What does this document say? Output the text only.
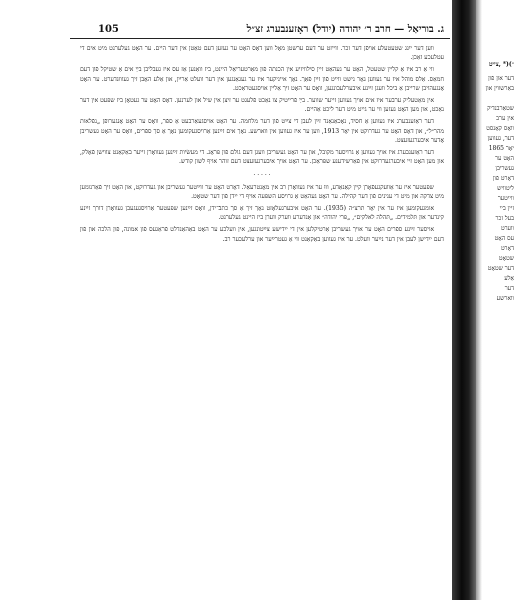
105	ג. בוריאַל — חרב ר׳ יהודה (יודל) ראָזענבערג זצ״ל

ווען דער ייִנג שטעטעלע אויפֿן דער זכר. ווייזט ער דעם ערשטן מאָל ווען דאָס האָט ער געזען דעם טאַטן אין דער היים. ער האָט געלערנט מיט אים די עטלעכע זאַכן.

ווי אַ רב איז אַ קליין שטעטל, האָט ער געהאַט זיין סילוויזיע אין הכנתה פֿון מאַרטעריאַל היינט, ביז וואַנען אַז עס איז געבליבן בײַ אים אַ שטיקל פֿון דעם חמאַס. אַלס מוהל איז ער געווען גאָר נישט ווייט פֿון זײַן פֿאַך. נאָך אייניקער איז ער געגאַנגען אין דער וועלט אַרײַן, און אַלע האָבן זיך געוווּנדערט. ער האָט אָנגעהויבן שרייבן אַ ביכל וועגן זײַנע איבערלעבונגען, וואָס ער האָט זיך אַליין אויסגעטראַכט.

אין מאַטעליק ערבער איז אים אויך געווען זייער שווער. בײַ פֿרייטיק צו נאַכט פֿלעגט ער זיצן אין שיל און לערנען. דאָס האָט ער געטאָן ביז שפּעט אין דער נאַכט, און מען האָט געזען ווי ער גייט מיט דער ליכט אַהיים.

דער ראַזענבערג איז געווען אַ חסיד, נאָכאַנאַנד זײַן לעבן די צײַט פֿון דער מלחמה. ער האָט אויסגעאַרבעט אַ ספֿר, וואָס ער האָט אָנגערופֿן „נפֿלאות מהר״ל״, און דאָס האָט ער געדרוקט אין יאָר 1913, ווען ער איז געווען אין ווארשע. נאָך אים זײַנען אַרויסגעקומען נאָך אַ סך ספֿרים, וואָס ער האָט געשריבן אָדער איבערגעזעצט.

דער ראַזענבערג איז אויך געווען אַ גרויסער מקובל, און ער האָט געשריבן וועגן דעם גולם פֿון פּראָג. די מעשׂיות זײַנען געוואָרן זייער באַקאַנט צווישן פֿאָלק, און מען האָט זיי איבערגעדרוקט אין פֿאַרשידענע שפּראַכן. ער האָט אויך איבערגעזעצט דעם זוהר אויף לשון קודש.

. . . . .

שפּעטער איז ער אַוועקגעפֿאָרן קיין קאַנאַדע, וווּ ער איז געוואָרן רב אין מאָנטרעאַל. דאָרט האָט ער ווײַטער געשריבן און געדרוקט, און האָט זיך פֿאַרנומען מיט צדקה און מיט די ענינים פֿון דער קהילה. ער האָט געהאַט אַ גרויסע השפּעה אויף די ייִדן פֿון דער שטאָט.

אומגעקומען איז ער אין יאָר תרצ״ה (1935). ער האָט איבערגעלאָזט נאָך זיך אַ סך כתבֿ־ידן, וואָס זײַנען שפּעטער אַרויסגעגעבן געוואָרן דורך זײַנע קינדער און תּלמידים. „תּהלה לאלקים״, „פּרי יהודה״ און אַנדערע ווערק ווערן ביז היינט געלערנט.

אויסער זײַנע ספֿרים האָט ער אויך געשריבן אַרטיקלען אין די ייִדישע צײַטונגען, אין וועלכע ער האָט באַהאַנדלט פֿראַגעס פֿון אמונה, פֿון הלכה און פֿון דעם ייִדישן לעבן אין דער נײַער וועלט. ער איז געווען באַקאַנט ווי אַ געטרײַער און ערלעכער רב.

״)(* ,צייט
דער און פֿון
באַרשווין און

שטאַרבנדיק
אין ערב
וואָס קאָנסט
דער, געווען
יאָר 1865
האָט ער
געשריבן
דאָרט פֿון
ליטוויש
ווייטער
זיין ביי
בעל זכר
ווערט
עס האָט
דאָרט
שטאָט
דער שטאָט
אַלע
דער
ווארשע
